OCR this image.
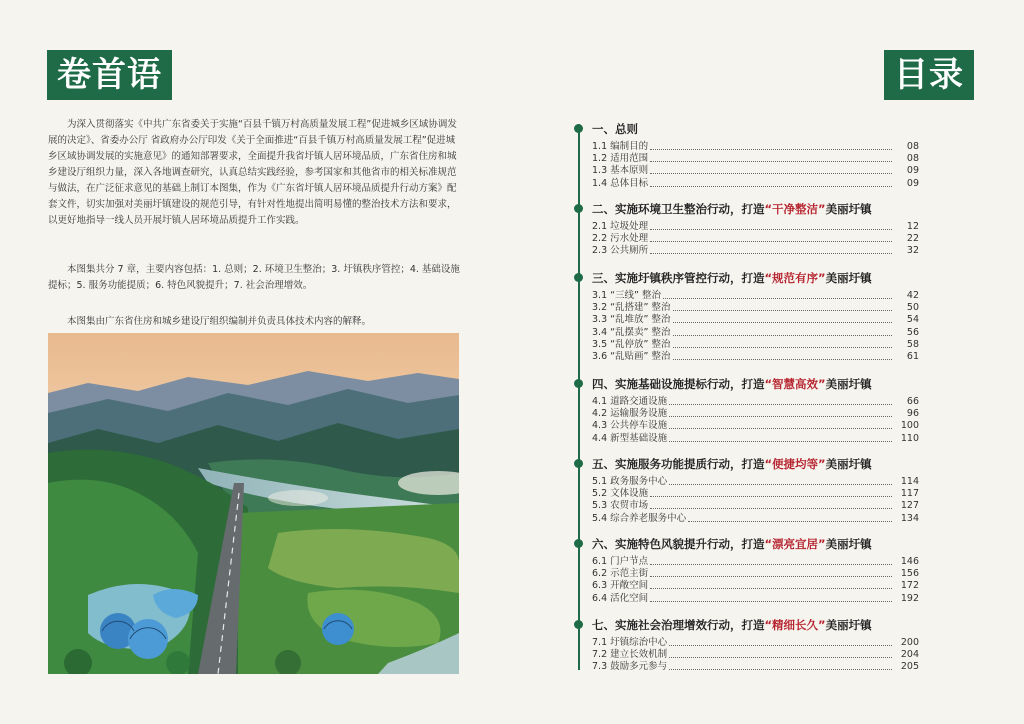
卷首语	目录

为深入贯彻落实《中共广东省委关于实施“百县千镇万村高质量发展工程”促进城乡区域协调发展的决定》、省委办公厅 省政府办公厅印发《关于全面推进“百县千镇万村高质量发展工程”促进城乡区域协调发展的实施意见》的通知部署要求，全面提升我省圩镇人居环境品质，广东省住房和城乡建设厅组织力量，深入各地调查研究，认真总结实践经验，参考国家和其他省市的相关标准规范与做法，在广泛征求意见的基础上制订本图集，作为《广东省圩镇人居环境品质提升行动方案》配套文件，切实加强对美丽圩镇建设的规范引导，有针对性地提出简明易懂的整治技术方法和要求，以更好地指导一线人员开展圩镇人居环境品质提升工作实践。

本图集共分 7 章，主要内容包括：1. 总则；2. 环境卫生整治；3. 圩镇秩序管控；4. 基础设施提标；5. 服务功能提质；6. 特色风貌提升；7. 社会治理增效。

本图集由广东省住房和城乡建设厅组织编制并负责具体技术内容的解释。

一、总则
1.1 编制目的	08
1.2 适用范围	08
1.3 基本原则	09
1.4 总体目标	09
二、实施环境卫生整治行动，打造“干净整洁”美丽圩镇
2.1 垃圾处理	12
2.2 污水处理	22
2.3 公共厕所	32
三、实施圩镇秩序管控行动，打造“规范有序”美丽圩镇
3.1 “三线” 整治	42
3.2 “乱搭建” 整治	50
3.3 “乱堆放” 整治	54
3.4 “乱摆卖” 整治	56
3.5 “乱停放” 整治	58
3.6 “乱贴画” 整治	61
四、实施基础设施提标行动，打造“智慧高效”美丽圩镇
4.1 道路交通设施	66
4.2 运输服务设施	96
4.3 公共停车设施	100
4.4 新型基础设施	110
五、实施服务功能提质行动，打造“便捷均等”美丽圩镇
5.1 政务服务中心	114
5.2 文体设施	117
5.3 农贸市场	127
5.4 综合养老服务中心	134
六、实施特色风貌提升行动，打造“漂亮宜居”美丽圩镇
6.1 门户节点	146
6.2 示范主街	156
6.3 开敞空间	172
6.4 活化空间	192
七、实施社会治理增效行动，打造“精细长久”美丽圩镇
7.1 圩镇综治中心	200
7.2 建立长效机制	204
7.3 鼓励多元参与	205
